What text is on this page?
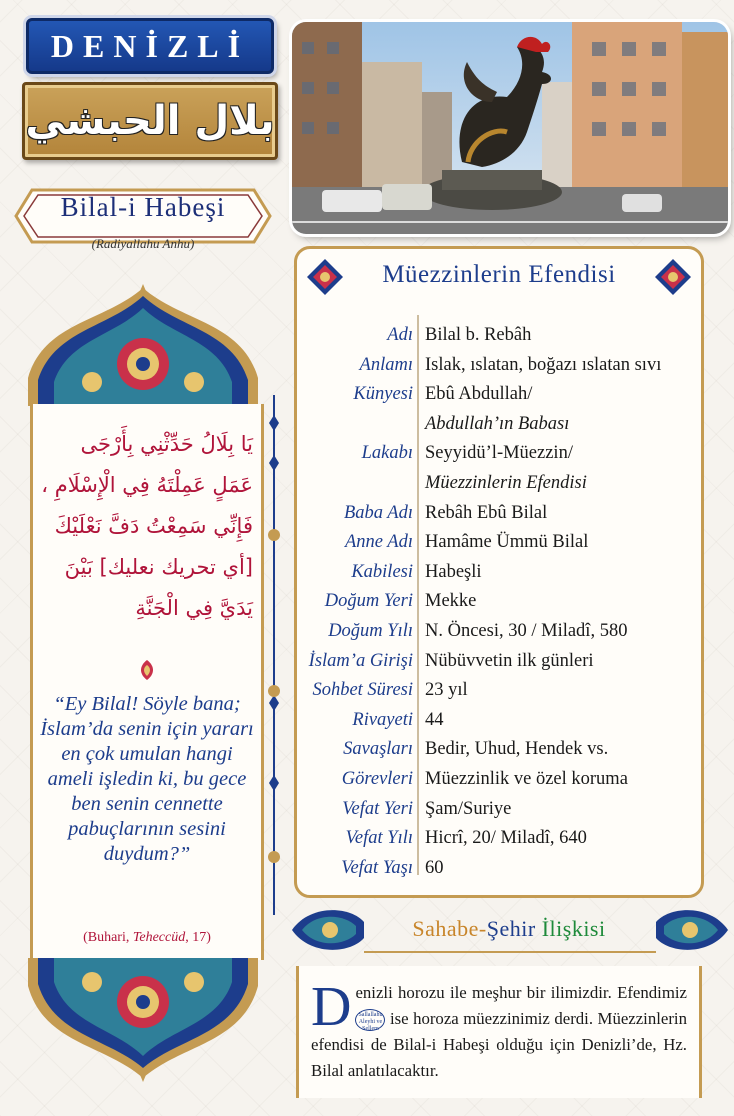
DENİZLİ
بلال الحبشي
Bilal-i Habeşi
(Radiyallahu Anhu)
يَا بِلَالُ حَدِّثْنِي بِأَرْجَى
عَمَلٍ عَمِلْتَهُ فِي الْإِسْلَامِ ،
فَإِنِّي سَمِعْتُ دَفَّ نَعْلَيْكَ
[أي تحريك نعليك] بَيْنَ
يَدَيَّ فِي الْجَنَّةِ
“Ey Bilal! Söyle bana; İslam’da senin için yararı en çok umulan hangi ameli işledin ki, bu gece ben senin cennette pabuçlarının sesini duydum?”
(Buhari, Teheccüd, 17)
Müezzinlerin Efendisi
Adı Bilal b. Rebâh
Anlamı Islak, ıslatan, boğazı ıslatan sıvı
Künyesi Ebû Abdullah/
Abdullah’ın Babası
Lakabı Seyyidü’l-Müezzin/
Müezzinlerin Efendisi
Baba Adı Rebâh Ebû Bilal
Anne Adı Hamâme Ümmü Bilal
Kabilesi Habeşli
Doğum Yeri Mekke
Doğum Yılı N. Öncesi, 30 / Miladî, 580
İslam’a Girişi Nübüvvetin ilk günleri
Sohbet Süresi 23 yıl
Rivayeti 44
Savaşları Bedir, Uhud, Hendek vs.
Görevleri Müezzinlik ve özel koruma
Vefat Yeri Şam/Suriye
Vefat Yılı Hicrî, 20/ Miladî, 640
Vefat Yaşı 60
Sahabe-Şehir İlişkisi
Denizli horozu ile meşhur bir ilimizdir. Efendimiz Sallallahu Aleyhi ve Sellem ise horoza müezzinimiz derdi. Müezzinlerin efendisi de Bilal-i Habeşi olduğu için Denizli’de, Hz. Bilal anlatılacaktır.
